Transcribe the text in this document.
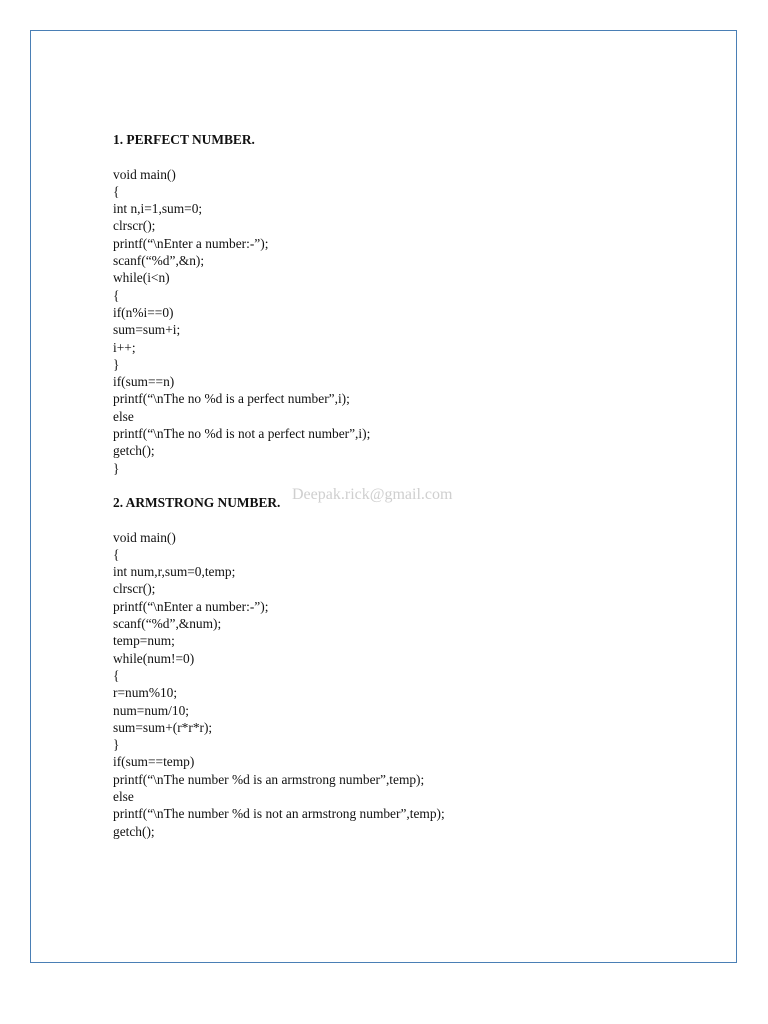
1. PERFECT NUMBER.

void main()
{
int n,i=1,sum=0;
clrscr();
printf(“\nEnter a number:-”);
scanf(“%d”,&n);
while(i<n)
{
if(n%i==0)
sum=sum+i;
i++;
}
if(sum==n)
printf(“\nThe no %d is a perfect number”,i);
else
printf(“\nThe no %d is not a perfect number”,i);
getch();
}

2. ARMSTRONG NUMBER.

void main()
{
int num,r,sum=0,temp;
clrscr();
printf(“\nEnter a number:-”);
scanf(“%d”,&num);
temp=num;
while(num!=0)
{
r=num%10;
num=num/10;
sum=sum+(r*r*r);
}
if(sum==temp)
printf(“\nThe number %d is an armstrong number”,temp);
else
printf(“\nThe number %d is not an armstrong number”,temp);
getch();
Deepak.rick@gmail.com
